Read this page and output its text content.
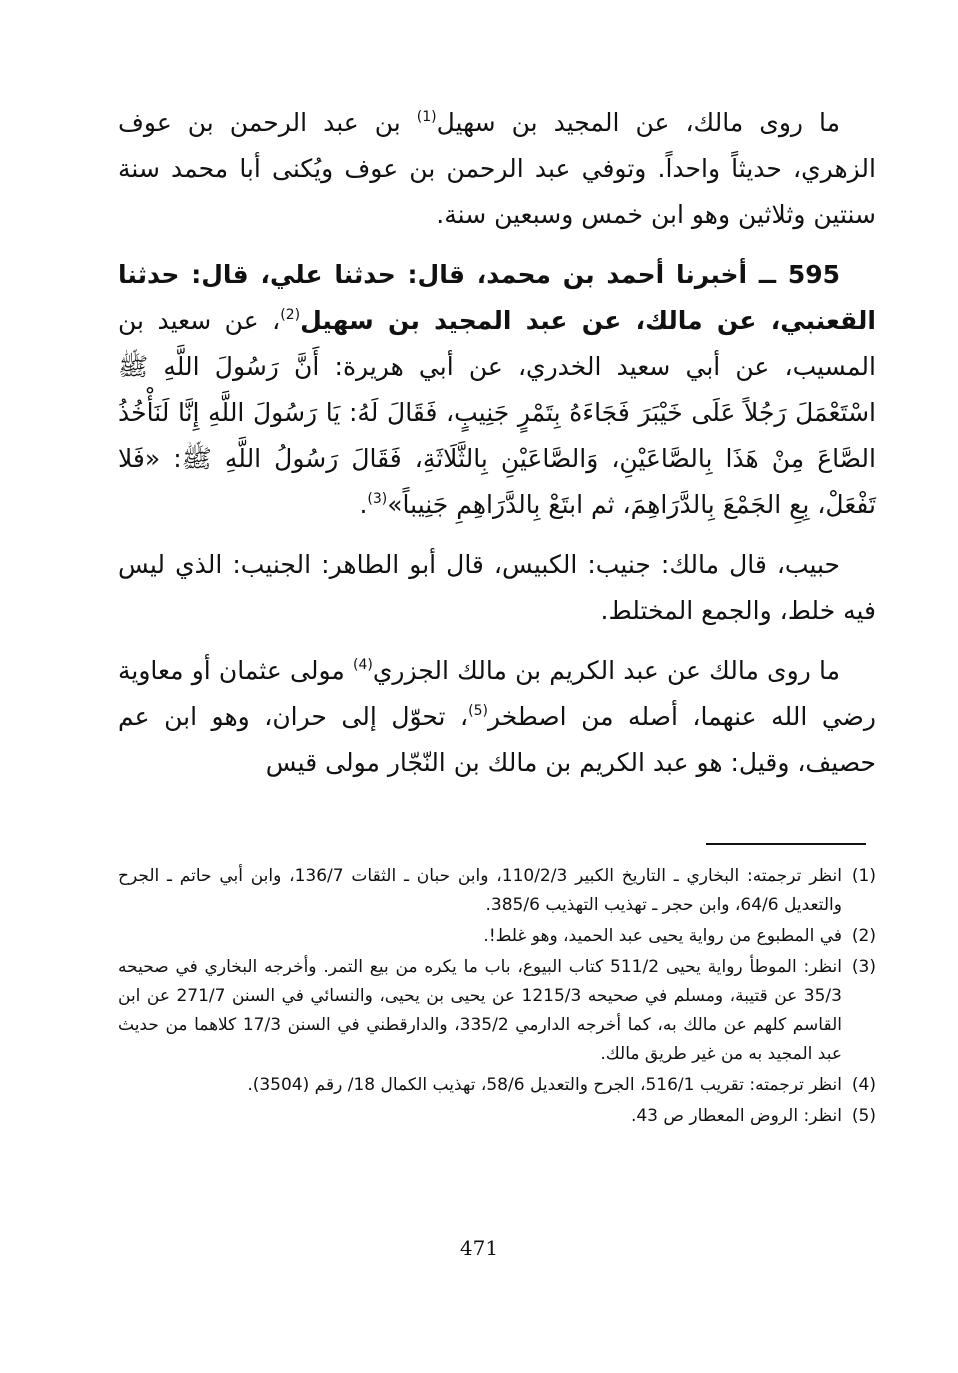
ما روى مالك، عن المجيد بن سهيل$^{(1)}$ بن عبد الرحمن بن عوف الزهري، حديثاً واحداً. وتوفي عبد الرحمن بن عوف ويُكنى أبا محمد سنة سنتين وثلاثين وهو ابن خمس وسبعين سنة.

595 ــ أخبرنا أحمد بن محمد، قال: حدثنا علي، قال: حدثنا القعنبي، عن مالك، عن عبد المجيد بن سهيل$^{(2)}$، عن سعيد بن المسيب، عن أبي سعيد الخدري، عن أبي هريرة: أَنَّ رَسُولَ اللَّهِ ﷺ اسْتَعْمَلَ رَجُلاً عَلَى خَيْبَرَ فَجَاءَهُ بِتَمْرٍ جَنِيبٍ، فَقَالَ لَهُ: يَا رَسُولَ اللَّهِ إِنَّا لَنَأْخُذُ الصَّاعَ مِنْ هَذَا بِالصَّاعَيْنِ، وَالصَّاعَيْنِ بِالثَّلَاثَةِ، فَقَالَ رَسُولُ اللَّهِ ﷺ: «فَلا تَفْعَلْ، بِعِ الجَمْعَ بِالدَّرَاهِمَ، ثم ابتَعْ بِالدَّرَاهِمِ جَنِيباً»$^{(3)}$.

حبيب، قال مالك: جنيب: الكبيس، قال أبو الطاهر: الجنيب: الذي ليس فيه خلط، والجمع المختلط.

ما روى مالك عن عبد الكريم بن مالك الجزري$^{(4)}$ مولى عثمان أو معاوية رضي الله عنهما، أصله من اصطخر$^{(5)}$، تحوّل إلى حران، وهو ابن عم حصيف، وقيل: هو عبد الكريم بن مالك بن النّجّار مولى قيس

(1)
انظر ترجمته: البخاري ـ التاريخ الكبير 110/2/3، وابن حبان ـ الثقات 136/7، وابن أبي حاتم ـ الجرح والتعديل 64/6، وابن حجر ـ تهذيب التهذيب 385/6.
(2)
في المطبوع من رواية يحيى عبد الحميد، وهو غلط!.
(3)
انظر: الموطأ رواية يحيى 511/2 كتاب البيوع، باب ما يكره من بيع التمر. وأخرجه البخاري في صحيحه 35/3 عن قتيبة، ومسلم في صحيحه 1215/3 عن يحيى بن يحيى، والنسائي في السنن 271/7 عن ابن القاسم كلهم عن مالك به، كما أخرجه الدارمي 335/2، والدارقطني في السنن 17/3 كلاهما من حديث عبد المجيد به من غير طريق مالك.
(4)
انظر ترجمته: تقريب 516/1، الجرح والتعديل 58/6، تهذيب الكمال 18/ رقم (3504).
(5)
انظر: الروض المعطار ص 43.
471
